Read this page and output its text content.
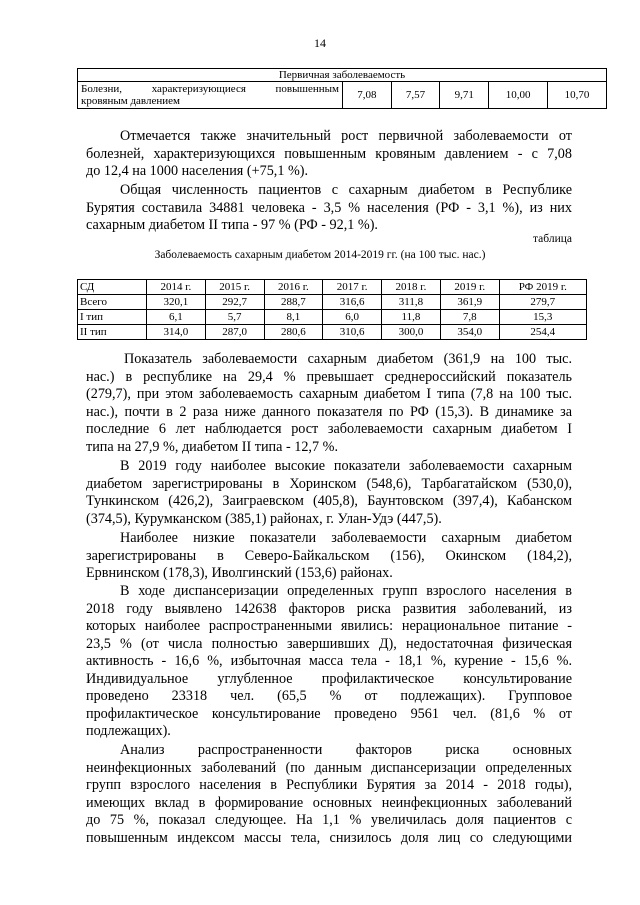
14
Первичная заболеваемость

Болезни, характеризующиеся повышенным
кровяным давлением	7,08	7,57	9,71	10,00	10,70
Отмечается также значительный рост первичной заболеваемости от
болезней, характеризующихся повышенным кровяным давлением - с 7,08
до 12,4 на 1000 населения (+75,1 %).
Общая численность пациентов с сахарным диабетом в Республике
Бурятия составила 34881 человека - 3,5 % населения (РФ - 3,1 %), из них
сахарным диабетом II типа - 97 % (РФ - 92,1 %).
таблица
Заболеваемость сахарным диабетом 2014-2019 гг. (на 100 тыс. нас.)
СД	2014 г.	2015 г.	2016 г.	2017 г.	2018 г.	2019 г.	РФ 2019 г.
Всего	320,1	292,7	288,7	316,6	311,8	361,9	279,7
I тип	6,1	5,7	8,1	6,0	11,8	7,8	15,3
II тип	314,0	287,0	280,6	310,6	300,0	354,0	254,4
Показатель заболеваемости сахарным диабетом (361,9 на 100 тыс.
нас.) в республике на 29,4 % превышает среднероссийский показатель
(279,7), при этом заболеваемость сахарным диабетом I типа (7,8 на 100 тыс.
нас.), почти в 2 раза ниже данного показателя по РФ (15,3). В динамике за
последние 6 лет наблюдается рост заболеваемости сахарным диабетом I
типа на 27,9 %, диабетом II типа - 12,7 %.
В 2019 году наиболее высокие показатели заболеваемости сахарным
диабетом зарегистрированы в Хоринском (548,6), Тарбагатайском (530,0),
Тункинском (426,2), Заиграевском (405,8), Баунтовском (397,4), Кабанском
(374,5), Курумканском (385,1) районах, г. Улан-Удэ (447,5).
Наиболее низкие показатели заболеваемости сахарным диабетом
зарегистрированы в Северо-Байкальском (156), Окинском (184,2),
Ервнинском (178,3), Иволгинский (153,6) районах.
В ходе диспансеризации определенных групп взрослого населения в
2018 году выявлено 142638 факторов риска развития заболеваний, из
которых наиболее распространенными явились: нерациональное питание -
23,5 % (от числа полностью завершивших Д), недостаточная физическая
активность - 16,6 %, избыточная масса тела - 18,1 %, курение - 15,6 %.
Индивидуальное углубленное профилактическое консультирование
проведено 23318 чел. (65,5 % от подлежащих). Групповое
профилактическое консультирование проведено 9561 чел. (81,6 % от
подлежащих).
Анализ распространенности факторов риска основных
неинфекционных заболеваний (по данным диспансеризации определенных
групп взрослого населения в Республики Бурятия за 2014 - 2018 годы),
имеющих вклад в формирование основных неинфекционных заболеваний
до 75 %, показал следующее. На 1,1 % увеличилась доля пациентов с
повышенным индексом массы тела, снизилось доля лиц со следующими
